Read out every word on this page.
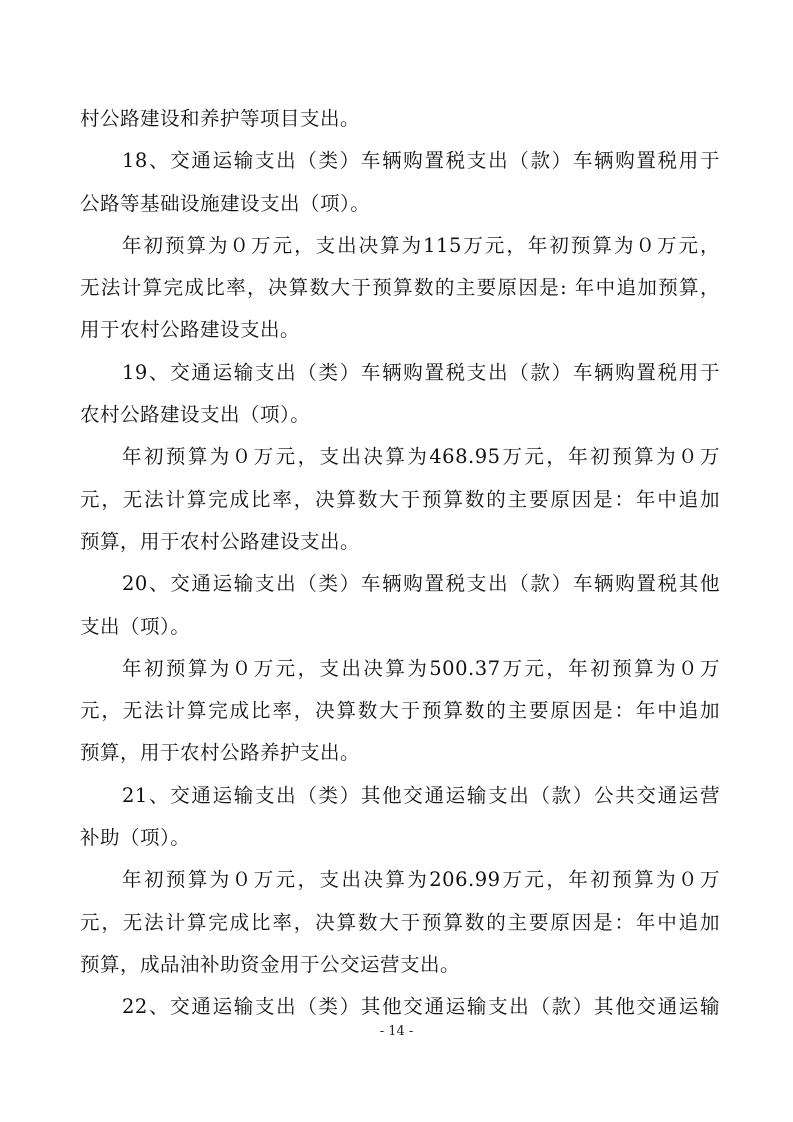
村公路建设和养护等项目支出。
18、交通运输支出（类）车辆购置税支出（款）车辆购置税用于
公路等基础设施建设支出（项）。
年初预算为０万元，支出决算为115万元，年初预算为０万元，
无法计算完成比率，决算数大于预算数的主要原因是: 年中追加预算，
用于农村公路建设支出。
19、交通运输支出（类）车辆购置税支出（款）车辆购置税用于
农村公路建设支出（项）。
年初预算为０万元，支出决算为468.95万元，年初预算为０万
元，无法计算完成比率，决算数大于预算数的主要原因是：年中追加
预算，用于农村公路建设支出。
20、交通运输支出（类）车辆购置税支出（款）车辆购置税其他
支出（项）。
年初预算为０万元，支出决算为500.37万元，年初预算为０万
元，无法计算完成比率，决算数大于预算数的主要原因是：年中追加
预算，用于农村公路养护支出。
21、交通运输支出（类）其他交通运输支出（款）公共交通运营
补助（项）。
年初预算为０万元，支出决算为206.99万元，年初预算为０万
元，无法计算完成比率，决算数大于预算数的主要原因是：年中追加
预算，成品油补助资金用于公交运营支出。
22、交通运输支出（类）其他交通运输支出（款）其他交通运输
- 14 -
